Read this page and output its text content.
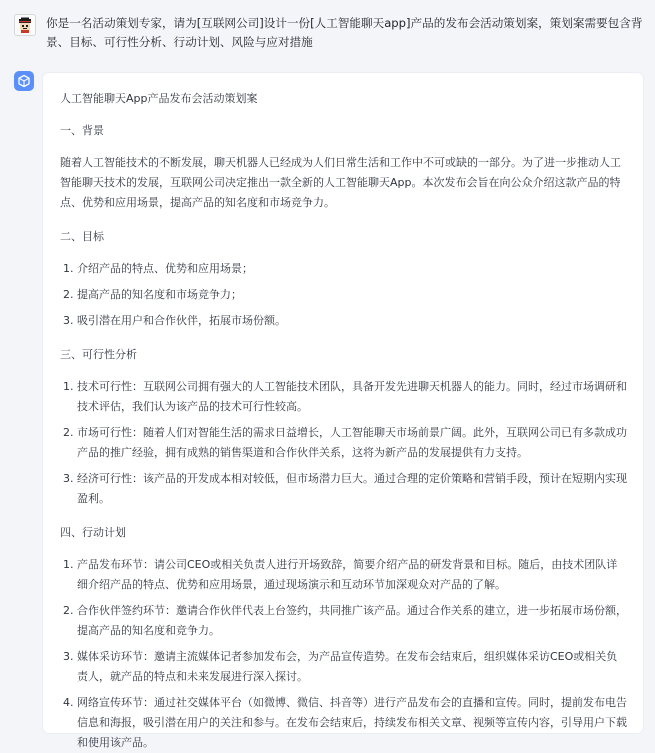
你是一名活动策划专家，请为[互联网公司]设计一份[人工智能聊天app]产品的发布会活动策划案，策划案需要包含背景、目标、可行性分析、行动计划、风险与应对措施

人工智能聊天App产品发布会活动策划案

一、背景

随着人工智能技术的不断发展，聊天机器人已经成为人们日常生活和工作中不可或缺的一部分。为了进一步推动人工智能聊天技术的发展，互联网公司决定推出一款全新的人工智能聊天App。本次发布会旨在向公众介绍这款产品的特点、优势和应用场景，提高产品的知名度和市场竞争力。

二、目标

1. 介绍产品的特点、优势和应用场景；
2. 提高产品的知名度和市场竞争力；
3. 吸引潜在用户和合作伙伴，拓展市场份额。

三、可行性分析

1. 技术可行性：互联网公司拥有强大的人工智能技术团队，具备开发先进聊天机器人的能力。同时，经过市场调研和技术评估，我们认为该产品的技术可行性较高。
2. 市场可行性：随着人们对智能生活的需求日益增长，人工智能聊天市场前景广阔。此外，互联网公司已有多款成功产品的推广经验，拥有成熟的销售渠道和合作伙伴关系，这将为新产品的发展提供有力支持。
3. 经济可行性：该产品的开发成本相对较低，但市场潜力巨大。通过合理的定价策略和营销手段，预计在短期内实现盈利。

四、行动计划

1. 产品发布环节：请公司CEO或相关负责人进行开场致辞，简要介绍产品的研发背景和目标。随后，由技术团队详细介绍产品的特点、优势和应用场景，通过现场演示和互动环节加深观众对产品的了解。
2. 合作伙伴签约环节：邀请合作伙伴代表上台签约，共同推广该产品。通过合作关系的建立，进一步拓展市场份额，提高产品的知名度和竞争力。
3. 媒体采访环节：邀请主流媒体记者参加发布会，为产品宣传造势。在发布会结束后，组织媒体采访CEO或相关负责人，就产品的特点和未来发展进行深入探讨。
4. 网络宣传环节：通过社交媒体平台（如微博、微信、抖音等）进行产品发布会的直播和宣传。同时，提前发布电告信息和海报，吸引潜在用户的关注和参与。在发布会结束后，持续发布相关文章、视频等宣传内容，引导用户下载和使用该产品。
